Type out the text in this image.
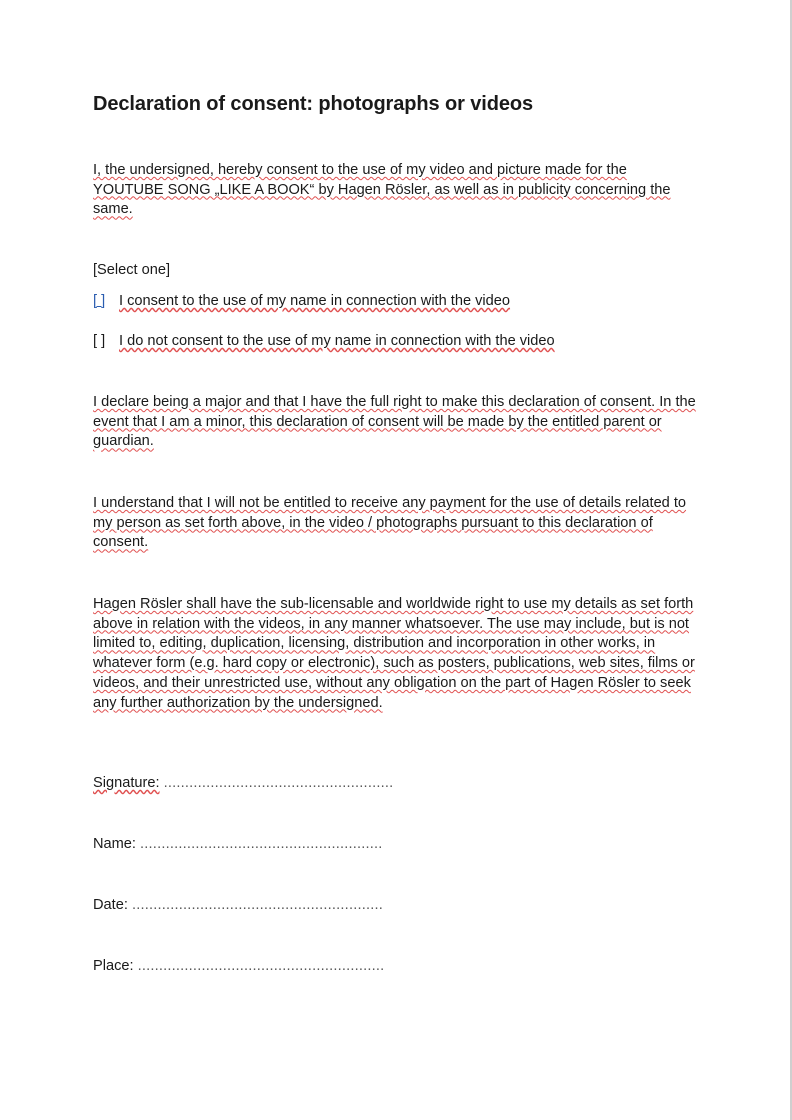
Declaration of consent: photographs or videos

I, the undersigned, hereby consent to the use of my video and picture made for the YOUTUBE SONG „LIKE A BOOK“ by Hagen Rösler, as well as in publicity concerning the same.

[Select one]

[ ] I consent to the use of my name in connection with the video
[ ] I do not consent to the use of my name in connection with the video

I declare being a major and that I have the full right to make this declaration of consent. In the event that I am a minor, this declaration of consent will be made by the entitled parent or guardian.

I understand that I will not be entitled to receive any payment for the use of details related to my person as set forth above, in the video / photographs pursuant to this declaration of consent.

Hagen Rösler shall have the sub-licensable and worldwide right to use my details as set forth above in relation with the videos, in any manner whatsoever. The use may include, but is not limited to, editing, duplication, licensing, distribution and incorporation in other works, in whatever form (e.g. hard copy or electronic), such as posters, publications, web sites, films or videos, and their unrestricted use, without any obligation on the part of Hagen Rösler to seek any further authorization by the undersigned.

Signature: ......................................................
Name: .........................................................
Date: ...........................................................
Place: ..........................................................
